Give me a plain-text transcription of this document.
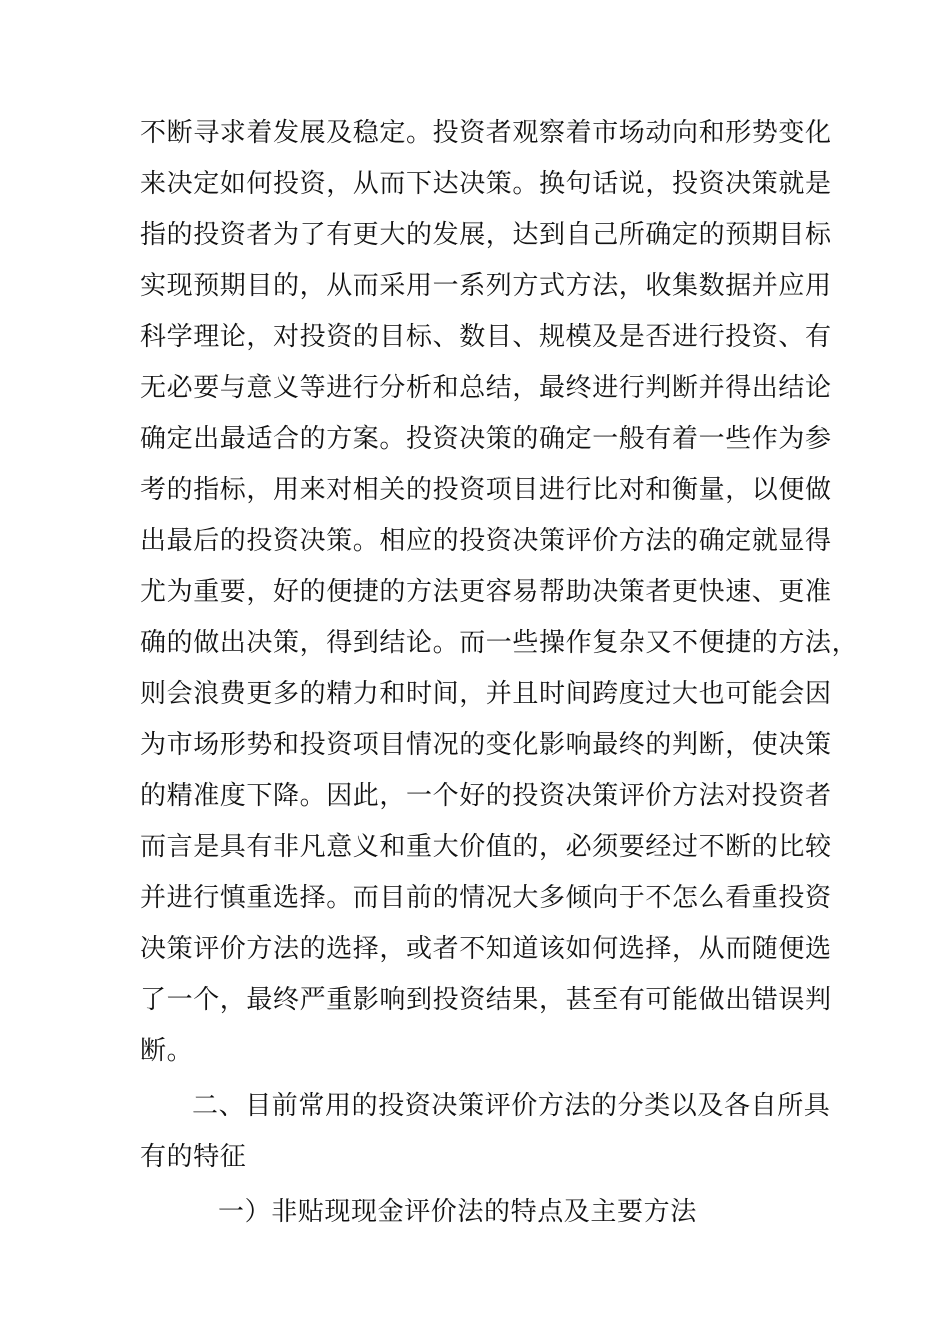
不断寻求着发展及稳定。投资者观察着市场动向和形势变化
来决定如何投资，从而下达决策。换句话说，投资决策就是
指的投资者为了有更大的发展，达到自己所确定的预期目标
实现预期目的，从而采用一系列方式方法，收集数据并应用
科学理论，对投资的目标、数目、规模及是否进行投资、有
无必要与意义等进行分析和总结，最终进行判断并得出结论
确定出最适合的方案。投资决策的确定一般有着一些作为参
考的指标，用来对相关的投资项目进行比对和衡量，以便做
出最后的投资决策。相应的投资决策评价方法的确定就显得
尤为重要，好的便捷的方法更容易帮助决策者更快速、更准
确的做出决策，得到结论。而一些操作复杂又不便捷的方法，
则会浪费更多的精力和时间，并且时间跨度过大也可能会因
为市场形势和投资项目情况的变化影响最终的判断，使决策
的精准度下降。因此，一个好的投资决策评价方法对投资者
而言是具有非凡意义和重大价值的，必须要经过不断的比较
并进行慎重选择。而目前的情况大多倾向于不怎么看重投资
决策评价方法的选择，或者不知道该如何选择，从而随便选
了一个，最终严重影响到投资结果，甚至有可能做出错误判
断。
二、目前常用的投资决策评价方法的分类以及各自所具
有的特征
一）非贴现现金评价法的特点及主要方法
